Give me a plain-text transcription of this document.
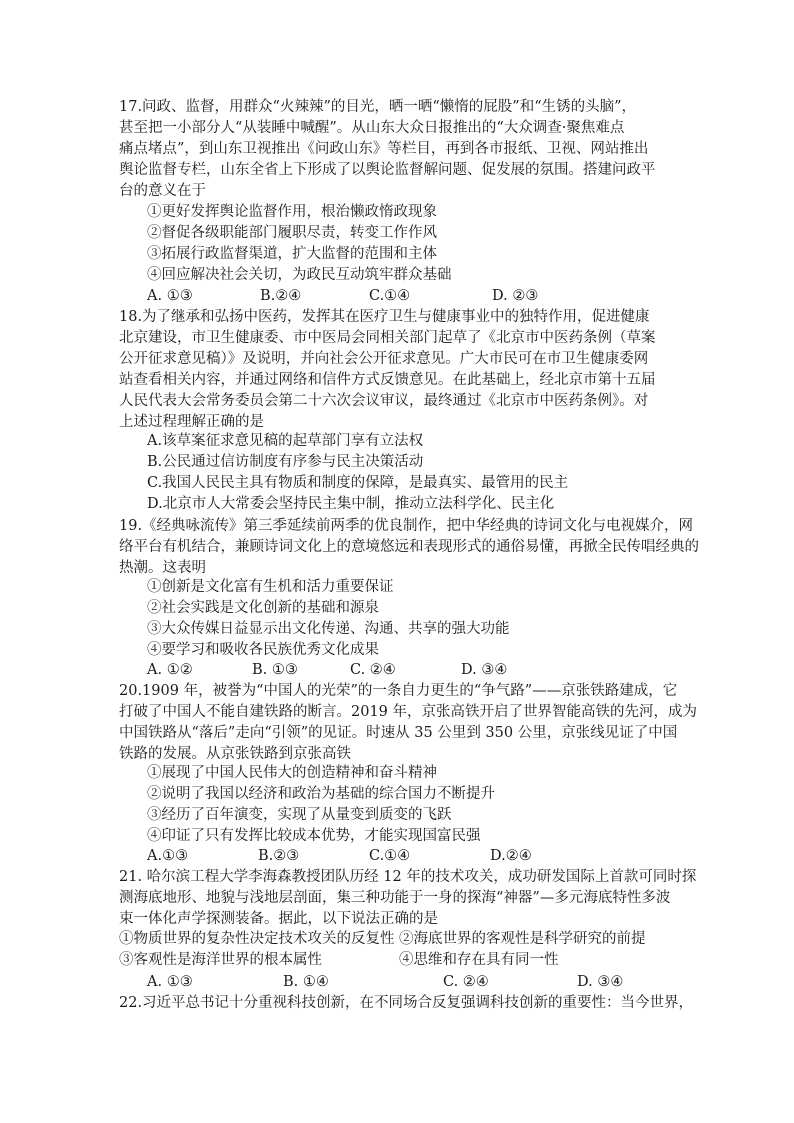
17.问政、监督，用群众“火辣辣”的目光，晒一晒“懒惰的屁股”和“生锈的头脑”，
甚至把一小部分人“从装睡中喊醒”。从山东大众日报推出的“大众调查·聚焦难点
痛点堵点”，到山东卫视推出《问政山东》等栏目，再到各市报纸、卫视、网站推出
舆论监督专栏，山东全省上下形成了以舆论监督解问题、促发展的氛围。搭建问政平
台的意义在于
①更好发挥舆论监督作用，根治懒政惰政现象
②督促各级职能部门履职尽责，转变工作作风
③拓展行政监督渠道，扩大监督的范围和主体
④回应解决社会关切，为政民互动筑牢群众基础
A. ①③	B.②④	C.①④	D. ②③
18.为了继承和弘扬中医药，发挥其在医疗卫生与健康事业中的独特作用，促进健康
北京建设，市卫生健康委、市中医局会同相关部门起草了《北京市中医药条例（草案
公开征求意见稿）》及说明，并向社会公开征求意见。广大市民可在市卫生健康委网
站查看相关内容，并通过网络和信件方式反馈意见。在此基础上，经北京市第十五届
人民代表大会常务委员会第二十六次会议审议，最终通过《北京市中医药条例》。对
上述过程理解正确的是
A.该草案征求意见稿的起草部门享有立法权
B.公民通过信访制度有序参与民主决策活动
C.我国人民民主具有物质和制度的保障，是最真实、最管用的民主
D.北京市人大常委会坚持民主集中制，推动立法科学化、民主化
19.《经典咏流传》第三季延续前两季的优良制作，把中华经典的诗词文化与电视媒介，网
络平台有机结合，兼顾诗词文化上的意境悠远和表现形式的通俗易懂，再掀全民传唱经典的
热潮。这表明
①创新是文化富有生机和活力重要保证
②社会实践是文化创新的基础和源泉
③大众传媒日益显示出文化传递、沟通、共享的强大功能
④要学习和吸收各民族优秀文化成果
A. ①②	B. ①③	C. ②④	D. ③④
20.1909 年，被誉为“中国人的光荣”的一条自力更生的“争气路”——京张铁路建成，它
打破了中国人不能自建铁路的断言。2019 年，京张高铁开启了世界智能高铁的先河，成为
中国铁路从“落后”走向“引领”的见证。时速从 35 公里到 350 公里，京张线见证了中国
铁路的发展。从京张铁路到京张高铁
①展现了中国人民伟大的创造精神和奋斗精神
②说明了我国以经济和政治为基础的综合国力不断提升
③经历了百年演变，实现了从量变到质变的飞跃
④印证了只有发挥比较成本优势，才能实现国富民强
A.①③	B.②③	C.①④	D.②④
21. 哈尔滨工程大学李海森教授团队历经 12 年的技术攻关，成功研发国际上首款可同时探
测海底地形、地貌与浅地层剖面，集三种功能于一身的探海“神器”—多元海底特性多波
束一体化声学探测装备。据此，以下说法正确的是
①物质世界的复杂性决定技术攻关的反复性 ②海底世界的客观性是科学研究的前提
③客观性是海洋世界的根本属性	④思维和存在具有同一性
A. ①③	B. ①④	C. ②④	D. ③④
22.习近平总书记十分重视科技创新，在不同场合反复强调科技创新的重要性：当今世界，
